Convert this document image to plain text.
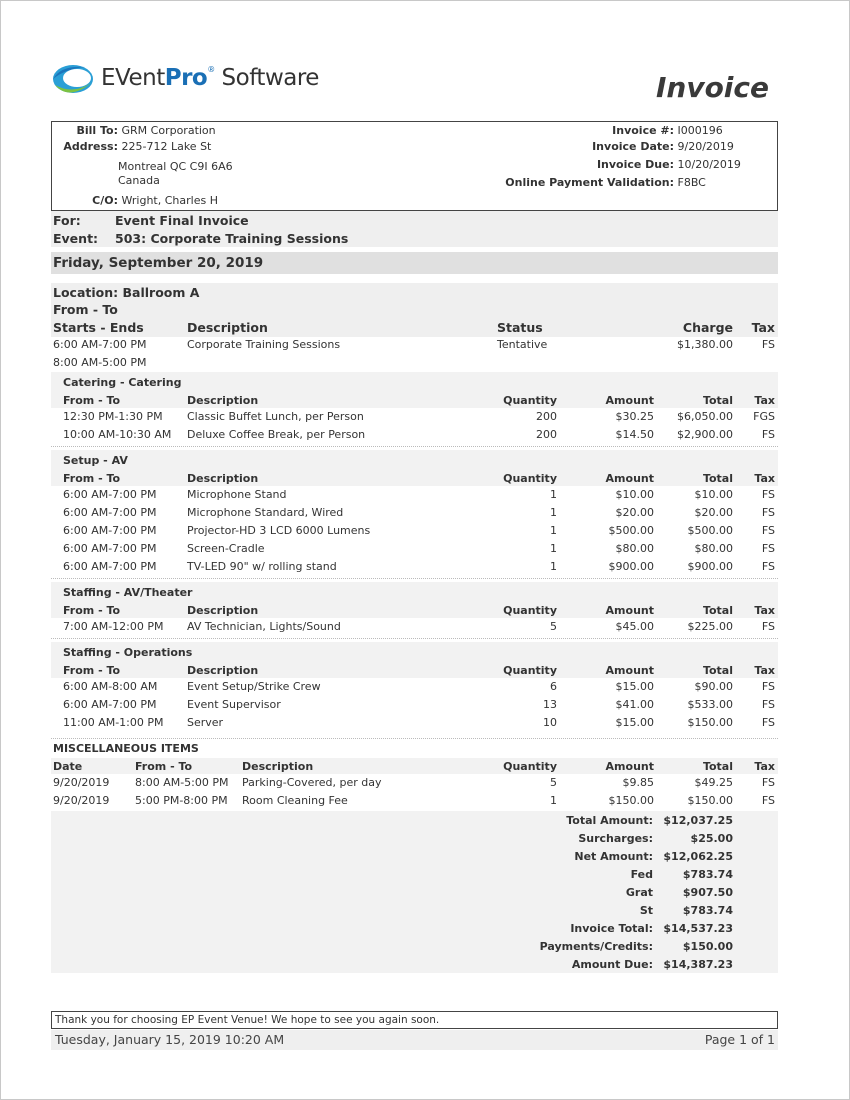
EVentPro® Software	Invoice
Bill To: GRM Corporation
Address: 225-712 Lake St
Montreal QC C9I 6A6
Canada
C/O: Wright, Charles H
Invoice #: I000196
Invoice Date: 9/20/2019
Invoice Due: 10/20/2019
Online Payment Validation: F8BC
For:	Event Final Invoice
Event: 503: Corporate Training Sessions
Friday, September 20, 2019
Location: Ballroom A
From - To
Starts - Ends	Description	Status	Charge	Tax
6:00 AM-7:00 PM	Corporate Training Sessions	Tentative	$1,380.00	FS
8:00 AM-5:00 PM
Catering - Catering
From - To	Description	Quantity	Amount	Total	Tax
12:30 PM-1:30 PM Classic Buffet Lunch, per Person	200	$30.25	$6,050.00	FGS
10:00 AM-10:30 AM Deluxe Coffee Break, per Person	200	$14.50	$2,900.00	FS
Setup - AV
From - To	Description	Quantity	Amount	Total	Tax
6:00 AM-7:00 PM	Microphone Stand	1	$10.00	$10.00	FS
6:00 AM-7:00 PM	Microphone Standard, Wired	1	$20.00	$20.00	FS
6:00 AM-7:00 PM	Projector-HD 3 LCD 6000 Lumens	1	$500.00	$500.00	FS
6:00 AM-7:00 PM	Screen-Cradle	1	$80.00	$80.00	FS
6:00 AM-7:00 PM	TV-LED 90" w/ rolling stand	1	$900.00	$900.00	FS
Staffing - AV/Theater
From - To	Description	Quantity	Amount	Total	Tax
7:00 AM-12:00 PM AV Technician, Lights/Sound	5	$45.00	$225.00	FS
Staffing - Operations
From - To	Description	Quantity	Amount	Total	Tax
6:00 AM-8:00 AM	Event Setup/Strike Crew	6	$15.00	$90.00	FS
6:00 AM-7:00 PM	Event Supervisor	13	$41.00	$533.00	FS
11:00 AM-1:00 PM Server	10	$15.00	$150.00	FS
MISCELLANEOUS ITEMS
Date	From - To	Description	Quantity	Amount	Total	Tax
9/20/2019 8:00 AM-5:00 PM Parking-Covered, per day	5	$9.85	$49.25	FS
9/20/2019 5:00 PM-8:00 PM Room Cleaning Fee	1	$150.00	$150.00	FS
Total Amount: $12,037.25
Surcharges:	$25.00
Net Amount: $12,062.25
Fed	$783.74
Grat	$907.50
St	$783.74
Invoice Total: $14,537.23
Payments/Credits:	$150.00
Amount Due: $14,387.23
Thank you for choosing EP Event Venue! We hope to see you again soon.
Tuesday, January 15, 2019 10:20 AM	Page 1 of 1
